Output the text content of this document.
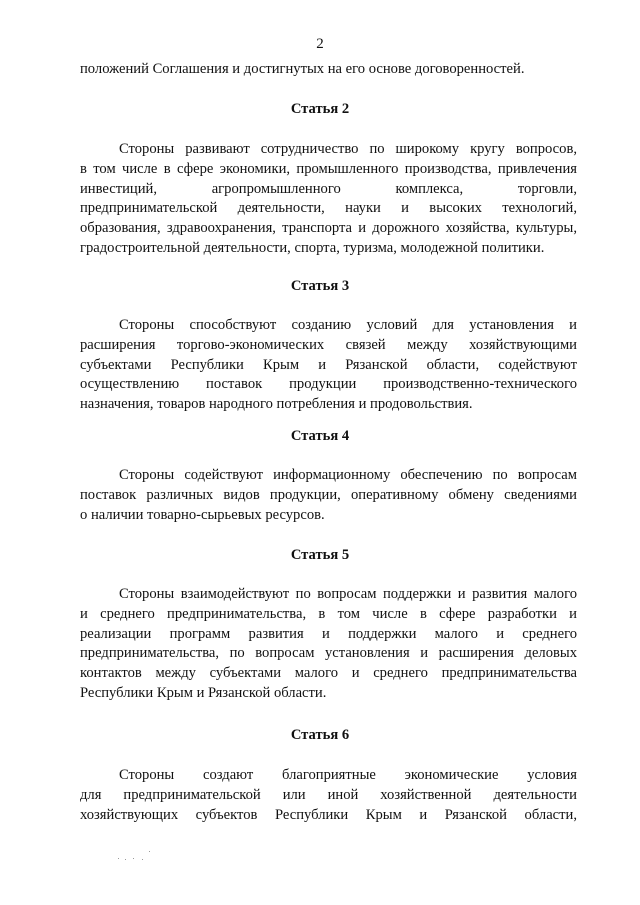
2
положений Соглашения и достигнутых на его основе договоренностей.
Статья 2
Стороны развивают сотрудничество по широкому кругу вопросов,
в том числе в сфере экономики, промышленного производства, привлечения
инвестиций, агропромышленного комплекса, торговли,
предпринимательской деятельности, науки и высоких технологий,
образования, здравоохранения, транспорта и дорожного хозяйства, культуры,
градостроительной деятельности, спорта, туризма, молодежной политики.
Статья 3
Стороны способствуют созданию условий для установления и
расширения торгово-экономических связей между хозяйствующими
субъектами Республики Крым и Рязанской области, содействуют
осуществлению поставок продукции производственно-технического
назначения, товаров народного потребления и продовольствия.
Статья 4
Стороны содействуют информационному обеспечению по вопросам
поставок различных видов продукции, оперативному обмену сведениями
о наличии товарно-сырьевых ресурсов.
Статья 5
Стороны взаимодействуют по вопросам поддержки и развития малого
и среднего предпринимательства, в том числе в сфере разработки и
реализации программ развития и поддержки малого и среднего
предпринимательства, по вопросам установления и расширения деловых
контактов между субъектами малого и среднего предпринимательства
Республики Крым и Рязанской области.
Статья 6
Стороны создают благоприятные экономические условия
для предпринимательской или иной хозяйственной деятельности
хозяйствующих субъектов Республики Крым и Рязанской области,
